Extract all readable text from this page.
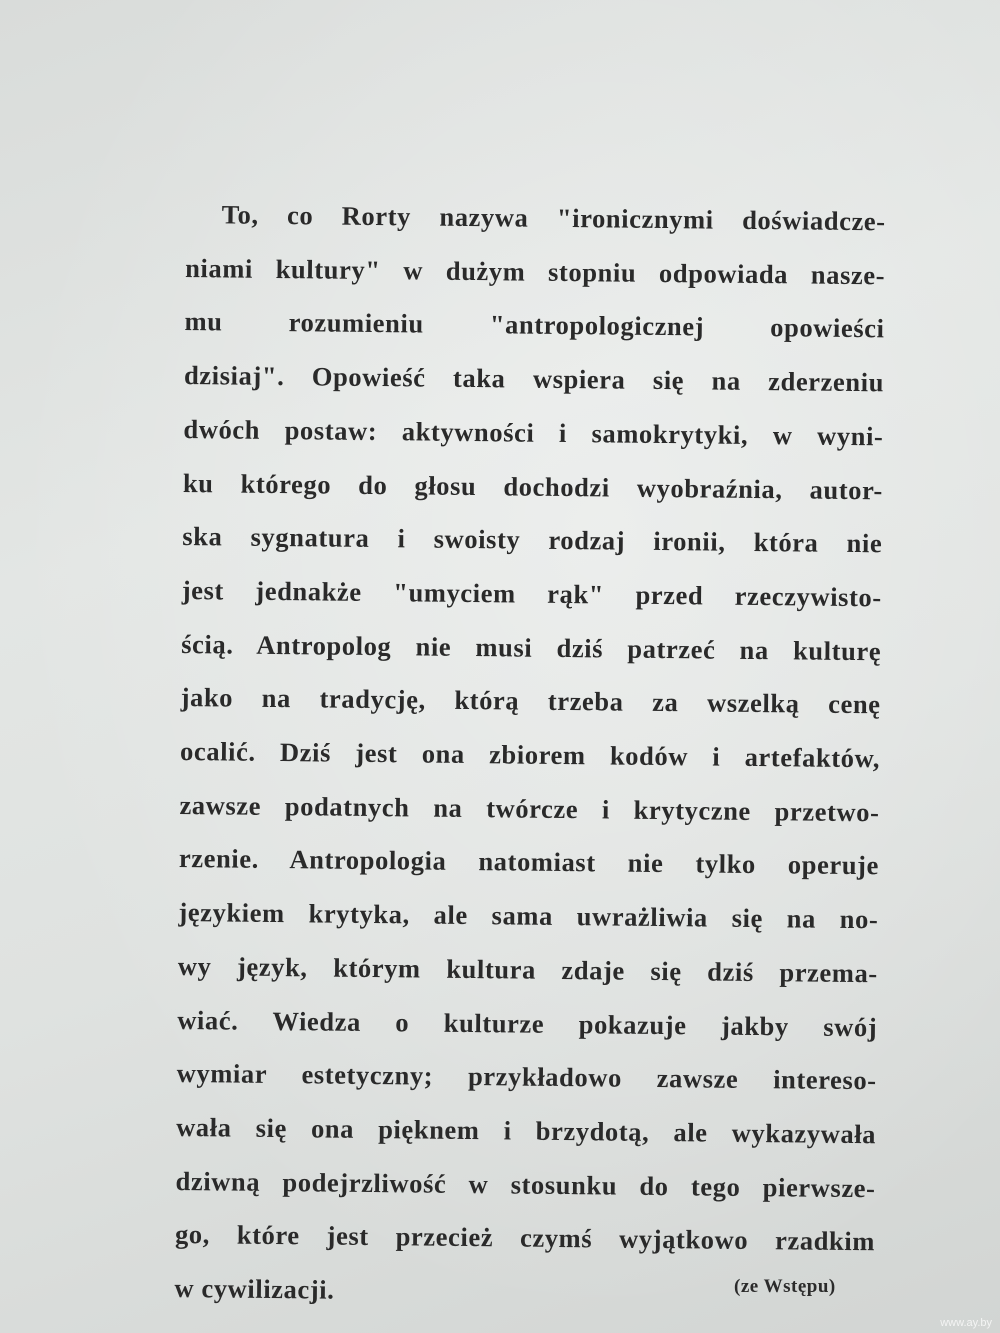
To, co Rorty nazywa "ironicznymi doświadcze-
niami kultury" w dużym stopniu odpowiada nasze-
mu rozumieniu "antropologicznej opowieści
dzisiaj". Opowieść taka wspiera się na zderzeniu
dwóch postaw: aktywności i samokrytyki, w wyni-
ku którego do głosu dochodzi wyobraźnia, autor-
ska sygnatura i swoisty rodzaj ironii, która nie
jest jednakże "umyciem rąk" przed rzeczywisto-
ścią. Antropolog nie musi dziś patrzeć na kulturę
jako na tradycję, którą trzeba za wszelką cenę
ocalić. Dziś jest ona zbiorem kodów i artefaktów,
zawsze podatnych na twórcze i krytyczne przetwo-
rzenie. Antropologia natomiast nie tylko operuje
językiem krytyka, ale sama uwrażliwia się na no-
wy język, którym kultura zdaje się dziś przema-
wiać. Wiedza o kulturze pokazuje jakby swój
wymiar estetyczny; przykładowo zawsze intereso-
wała się ona pięknem i brzydotą, ale wykazywała
dziwną podejrzliwość w stosunku do tego pierwsze-
go, które jest przecież czymś wyjątkowo rzadkim
w cywilizacji.	(ze Wstępu)
www.ay.by
